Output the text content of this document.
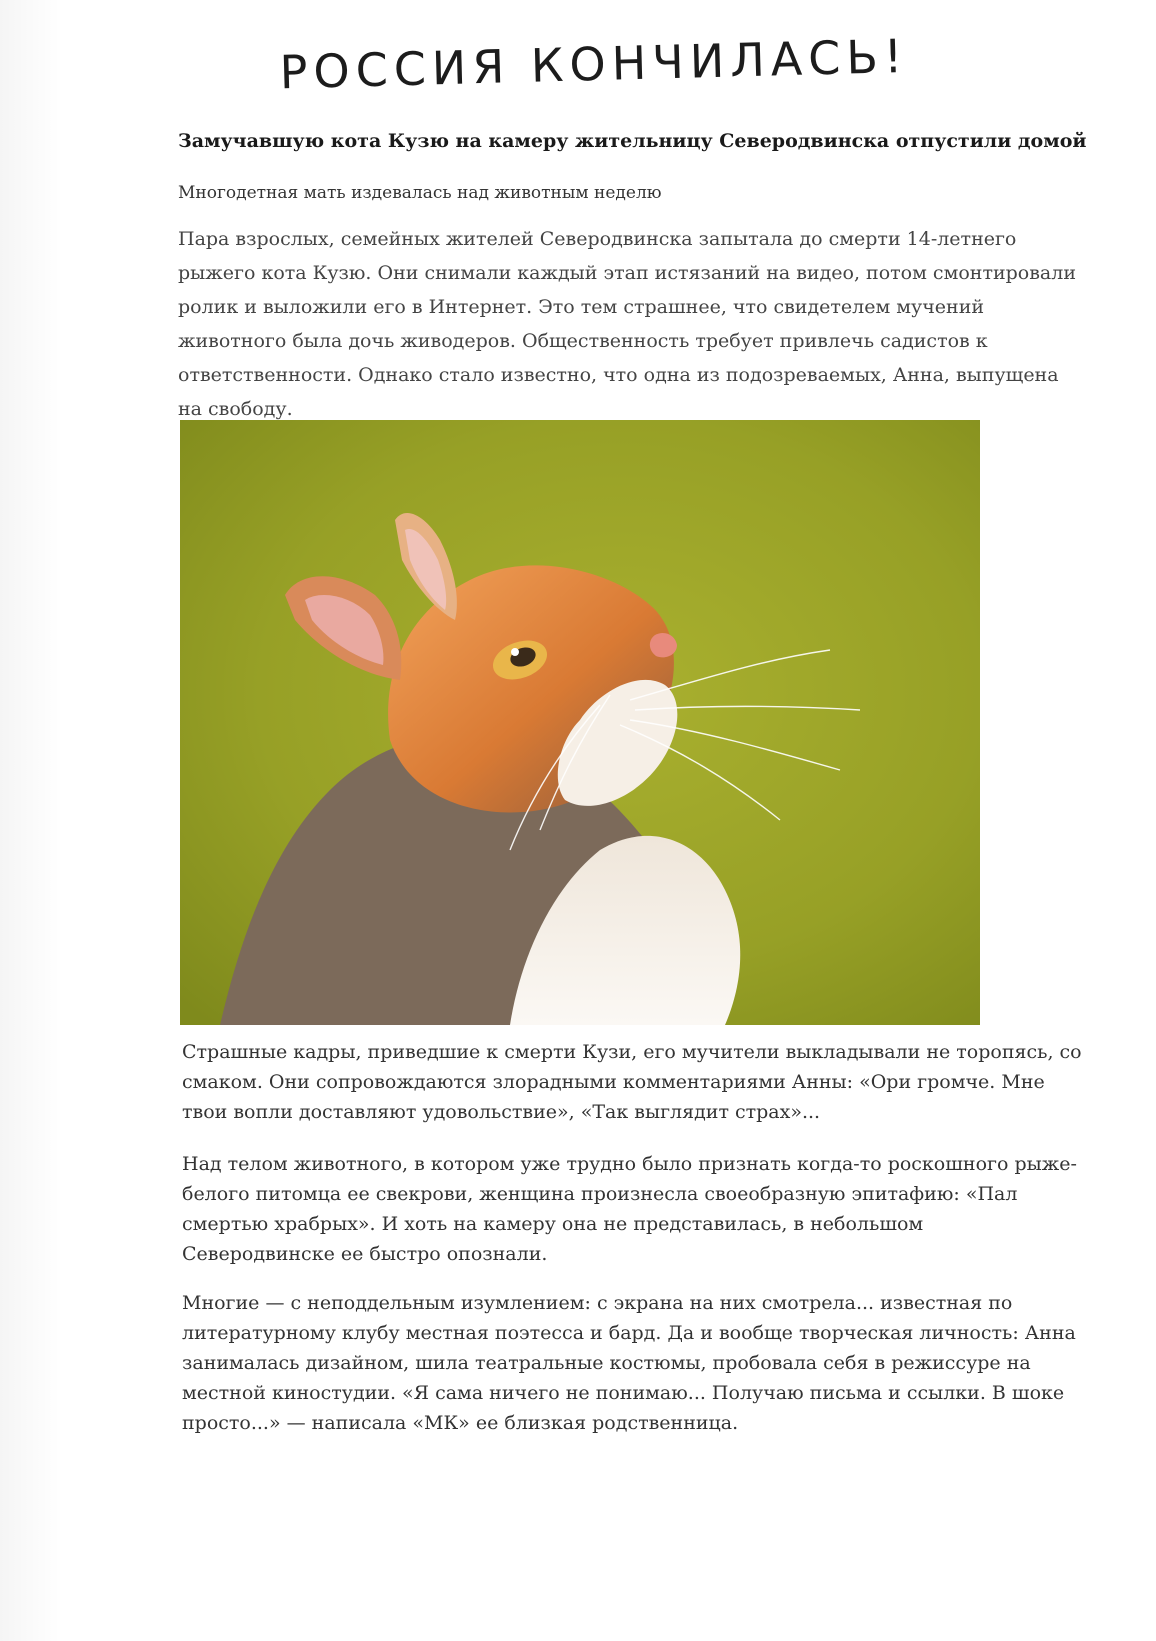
РОССИЯ КОНЧИЛАСЬ!
Замучавшую кота Кузю на камеру жительницу Северодвинска отпустили домой
Многодетная мать издевалась над животным неделю
Пара взрослых, семейных жителей Северодвинска запытала до смерти 14-летнего рыжего кота Кузю. Они снимали каждый этап истязаний на видео, потом смонтировали ролик и выложили его в Интернет. Это тем страшнее, что свидетелем мучений животного была дочь живодеров. Общественность требует привлечь садистов к ответственности. Однако стало известно, что одна из подозреваемых, Анна, выпущена на свободу.
Страшные кадры, приведшие к смерти Кузи, его мучители выкладывали не торопясь, со смаком. Они сопровождаются злорадными комментариями Анны: «Ори громче. Мне твои вопли доставляют удовольствие», «Так выглядит страх»...
Над телом животного, в котором уже трудно было признать когда-то роскошного рыже-белого питомца ее свекрови, женщина произнесла своеобразную эпитафию: «Пал смертью храбрых». И хоть на камеру она не представилась, в небольшом Северодвинске ее быстро опознали.
Многие — с неподдельным изумлением: с экрана на них смотрела... известная по литературному клубу местная поэтесса и бард. Да и вообще творческая личность: Анна занималась дизайном, шила театральные костюмы, пробовала себя в режиссуре на местной киностудии. «Я сама ничего не понимаю... Получаю письма и ссылки. В шоке просто...» — написала «МК» ее близкая родственница.
